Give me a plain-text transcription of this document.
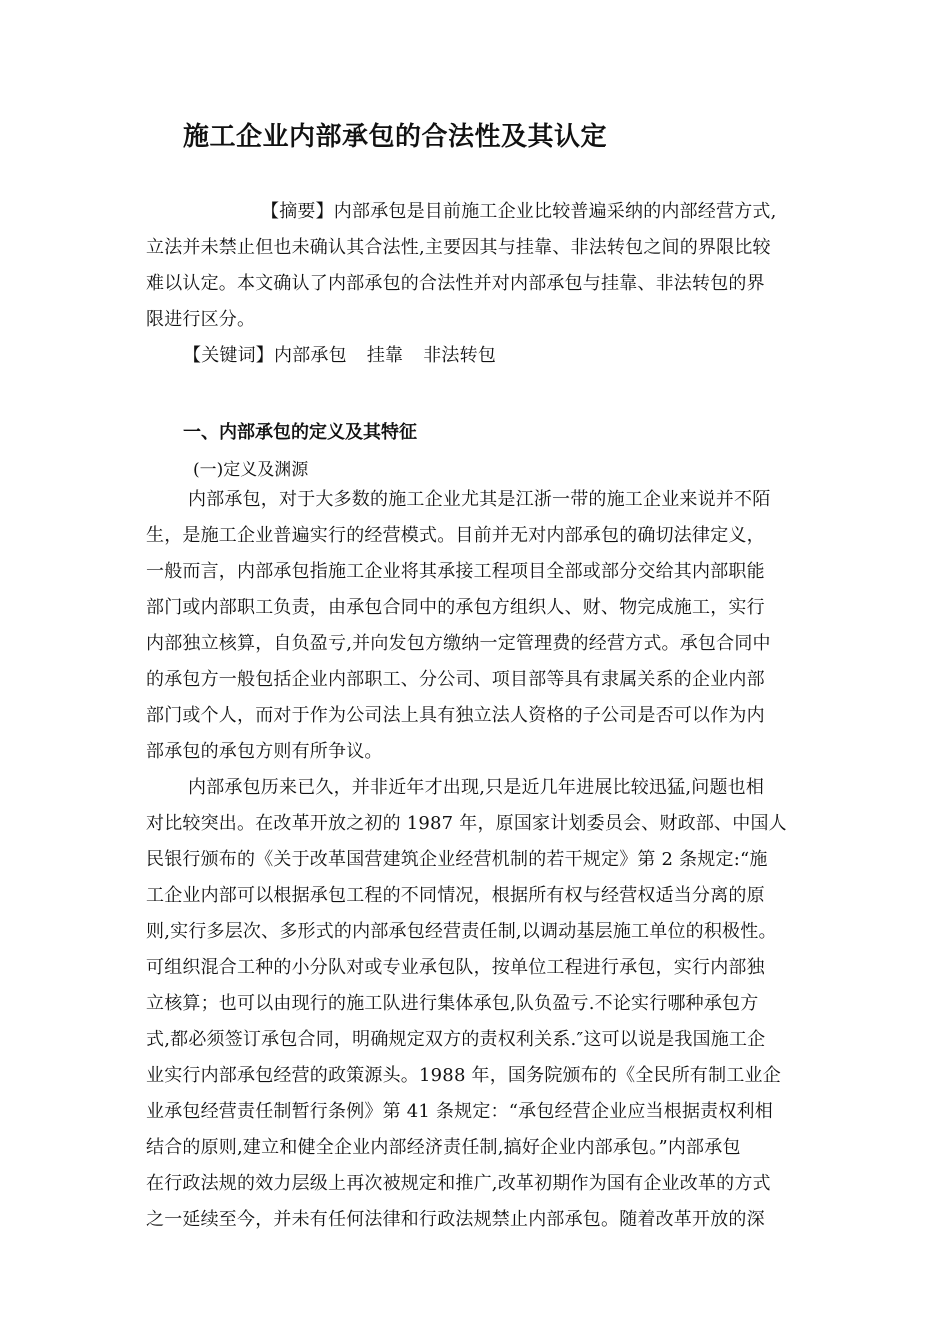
施工企业内部承包的合法性及其认定
【摘要】内部承包是目前施工企业比较普遍采纳的内部经营方式,
立法并未禁止但也未确认其合法性,主要因其与挂靠、非法转包之间的界限比较
难以认定。本文确认了内部承包的合法性并对内部承包与挂靠、非法转包的界
限进行区分。
【关键词】内部承包 挂靠 非法转包
一、内部承包的定义及其特征
(一)定义及渊源
内部承包，对于大多数的施工企业尤其是江浙一带的施工企业来说并不陌
生，是施工企业普遍实行的经营模式。目前并无对内部承包的确切法律定义，
一般而言，内部承包指施工企业将其承接工程项目全部或部分交给其内部职能
部门或内部职工负责，由承包合同中的承包方组织人、财、物完成施工，实行
内部独立核算，自负盈亏,并向发包方缴纳一定管理费的经营方式。承包合同中
的承包方一般包括企业内部职工、分公司、项目部等具有隶属关系的企业内部
部门或个人，而对于作为公司法上具有独立法人资格的子公司是否可以作为内
部承包的承包方则有所争议。
内部承包历来已久，并非近年才出现,只是近几年进展比较迅猛,问题也相
对比较突出。在改革开放之初的 1987 年，原国家计划委员会、财政部、中国人
民银行颁布的《关于改革国营建筑企业经营机制的若干规定》第 2 条规定:“施
工企业内部可以根据承包工程的不同情况，根据所有权与经营权适当分离的原
则,实行多层次、多形式的内部承包经营责任制,以调动基层施工单位的积极性。
可组织混合工种的小分队对或专业承包队，按单位工程进行承包，实行内部独
立核算；也可以由现行的施工队进行集体承包,队负盈亏.不论实行哪种承包方
式,都必须签订承包合同，明确规定双方的责权利关系.″这可以说是我国施工企
业实行内部承包经营的政策源头。1988 年，国务院颁布的《全民所有制工业企
业承包经营责任制暂行条例》第 41 条规定：“承包经营企业应当根据责权利相
结合的原则,建立和健全企业内部经济责任制,搞好企业内部承包。”内部承包
在行政法规的效力层级上再次被规定和推广,改革初期作为国有企业改革的方式
之一延续至今，并未有任何法律和行政法规禁止内部承包。随着改革开放的深
